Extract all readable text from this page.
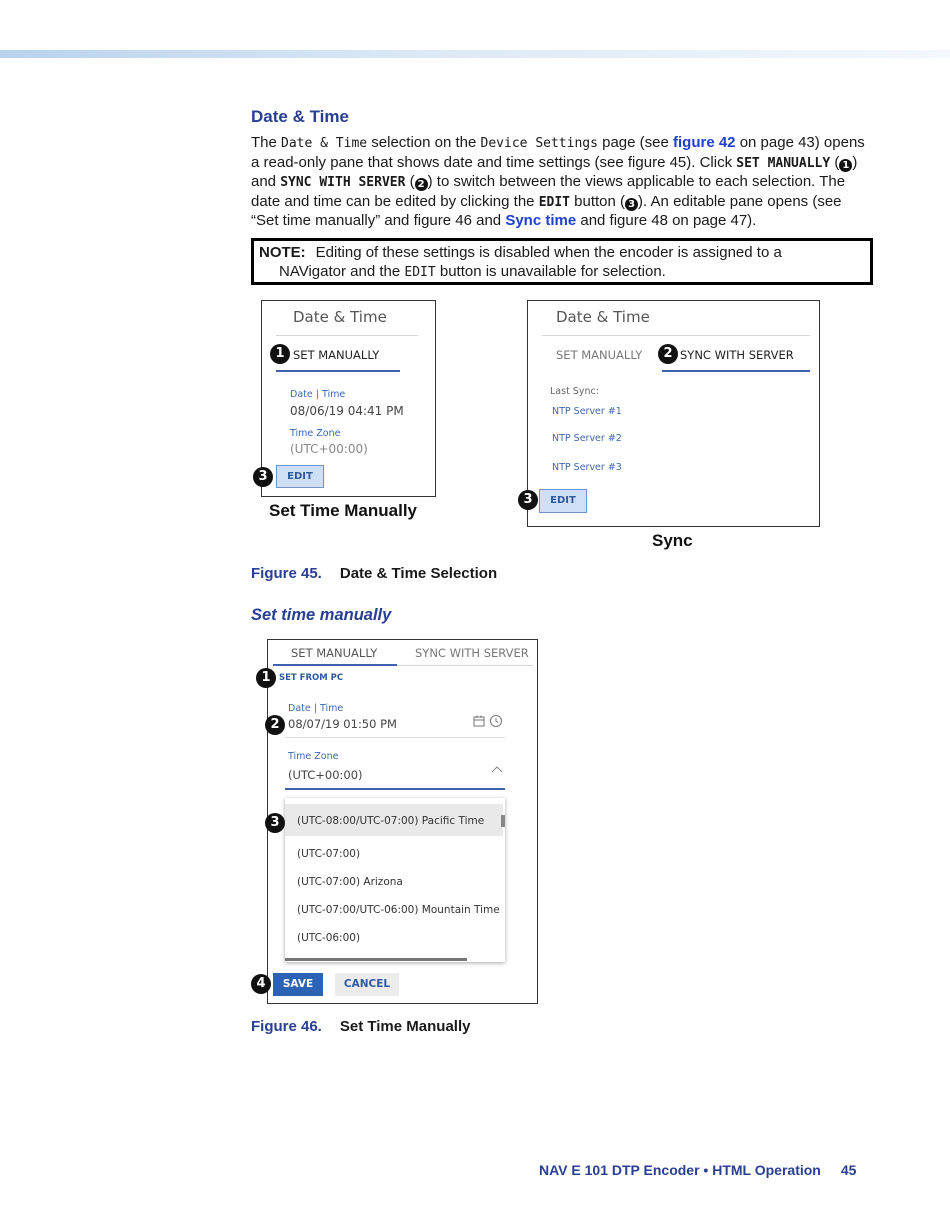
Date & Time

The Date & Time selection on the Device Settings page (see figure 42 on page 43) opens a read-only pane that shows date and time settings (see figure 45). Click SET MANUALLY ( 1 ) and SYNC WITH SERVER ( 2 ) to switch between the views applicable to each selection. The date and time can be edited by clicking the EDIT button ( 3 ). An editable pane opens (see “Set time manually” and figure 46 and Sync time and figure 48 on page 47).

NOTE: Editing of these settings is disabled when the encoder is assigned to a
NAVigator and the EDIT button is unavailable for selection.
Date & Time
SET MANUALLY
Date | Time
08/06/19 04:41 PM
Time Zone
(UTC+00:00)
EDIT
1
3
Set Time Manually
Date & Time
SET MANUALLY	SYNC WITH SERVER
Last Sync:
NTP Server #1
NTP Server #2
NTP Server #3
EDIT
2
3
Sync
Figure 45. Date & Time Selection
Set time manually
SET MANUALLY	SYNC WITH SERVER
SET FROM PC
Date | Time
08/07/19 01:50 PM
Time Zone
(UTC+00:00)
(UTC-08:00/UTC-07:00) Pacific Time
(UTC-07:00)
(UTC-07:00) Arizona
(UTC-07:00/UTC-06:00) Mountain Time
(UTC-06:00)
SAVE	CANCEL
1
2
3
4
Figure 46. Set Time Manually
NAV E 101 DTP Encoder • HTML Operation 45
